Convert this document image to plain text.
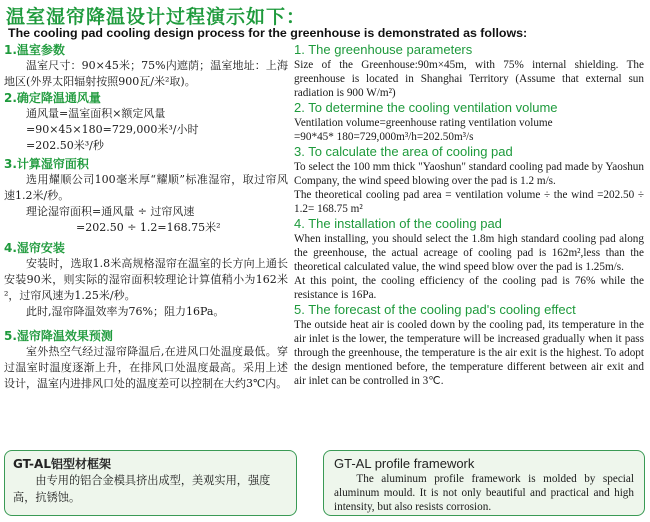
温室湿帘降温设计过程演示如下：
The cooling pad cooling design process for the greenhouse is demonstrated as follows:
1.温室参数
温室尺寸：90×45米；75%内遮荫；温室地址：上海地区(外界太阳辐射按照900瓦/米²取)。
2.确定降温通风量
通风量=温室面积×额定风量
=90×45×180=729,000米³/小时
=202.50米³/秒
3.计算湿帘面积
选用耀顺公司100毫米厚“耀顺”标准湿帘，取过帘风速1.2米/秒。
理论湿帘面积=通风量 ÷ 过帘风速
=202.50 ÷ 1.2=168.75米²
4.湿帘安装
安装时，选取1.8米高规格湿帘在温室的长方向上通长安装90米，则实际的湿帘面积较理论计算值稍小为162米²，过帘风速为1.25米/秒。
此时,湿帘降温效率为76%；阻力16Pa。
5.湿帘降温效果预测
室外热空气经过湿帘降温后,在进风口处温度最低。穿过温室时温度逐渐上升，在排风口处温度最高。采用上述设计，温室内进排风口处的温度差可以控制在大约3℃内。
1. The greenhouse parameters
Size of the Greenhouse:90m×45m, with 75% internal shielding. The greenhouse is located in Shanghai Territory (Assume that external sun radiation is 900 W/m²)
2. To determine the cooling ventilation volume
Ventilation volume=greenhouse rating ventilation volume
=90*45* 180=729,000m³/h=202.50m³/s
3. To calculate the area of cooling pad
To select the 100 mm thick "Yaoshun" standard cooling pad made by Yaoshun Company, the wind speed blowing over the pad is 1.2 m/s.
The theoretical cooling pad area = ventilation volume ÷ the wind =202.50 ÷ 1.2= 168.75 m²
4. The installation of the cooling pad
When installing, you should select the 1.8m high standard cooling pad along the greenhouse, the actual acreage of cooling pad is 162m²,less than the theoretical calculated value, the wind speed blow over the pad is 1.25m/s.
At this point, the cooling efficiency of the cooling pad is 76% while the resistance is 16Pa.
5. The forecast of the cooling pad's cooling effect
The outside heat air is cooled down by the cooling pad, its temperature in the air inlet is the lower, the temperature will be increased gradually when it pass through the greenhouse, the temperature is the air exit is the highest. To adopt the design mentioned before, the temperature different between air exit and air inlet can be controlled in 3℃.
GT-AL铝型材框架
由专用的铝合金模具挤出成型，美观实用，强度高，抗锈蚀。
GT-AL profile framework
The aluminum profile framework is molded by special aluminum mould. It is not only beautiful and practical and high intensity, but also resists corrosion.
